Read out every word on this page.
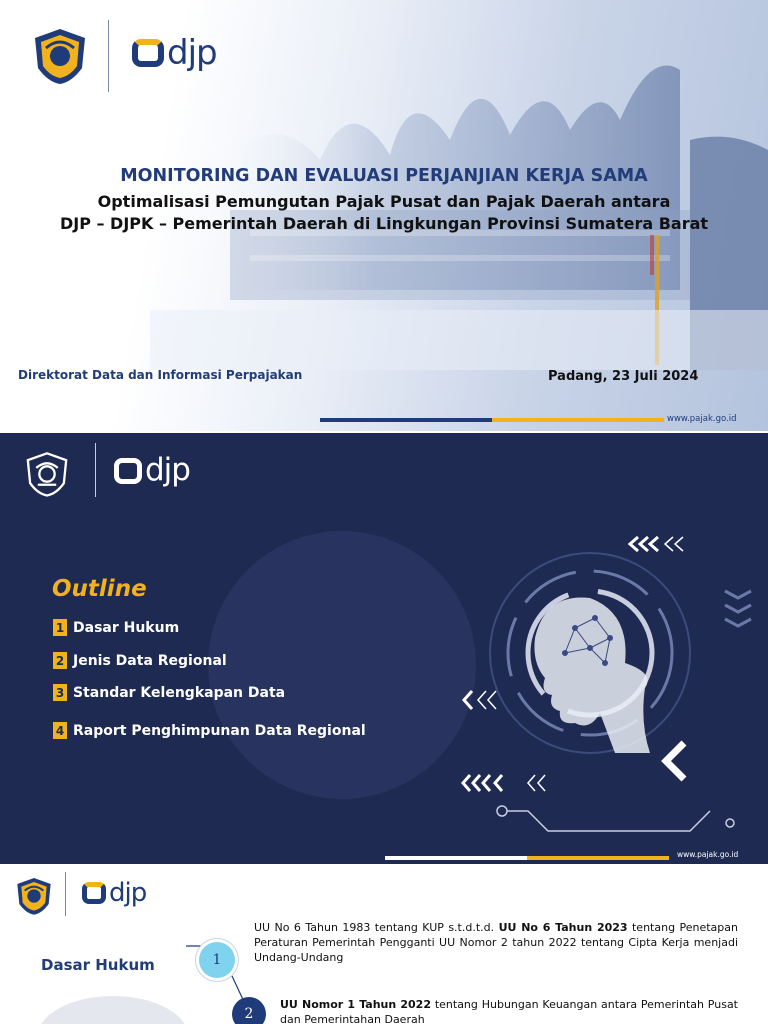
djp
MONITORING DAN EVALUASI PERJANJIAN KERJA SAMA
Optimalisasi Pemungutan Pajak Pusat dan Pajak Daerah antara
DJP – DJPK – Pemerintah Daerah di Lingkungan Provinsi Sumatera Barat
Direktorat Data dan Informasi Perpajakan	Padang, 23 Juli 2024
www.pajak.go.id
djp
Outline
1 Dasar Hukum
2 Jenis Data Regional
3 Standar Kelengkapan Data
4 Raport Penghimpunan Data Regional
www.pajak.go.id
djp
Dasar Hukum	1
2
UU No 6 Tahun 1983 tentang KUP s.t.d.t.d. UU No 6 Tahun 2023 tentang Penetapan Peraturan Pemerintah Pengganti UU Nomor 2 tahun 2022 tentang Cipta Kerja menjadi Undang-Undang
UU Nomor 1 Tahun 2022 tentang Hubungan Keuangan antara Pemerintah Pusat dan Pemerintahan Daerah
